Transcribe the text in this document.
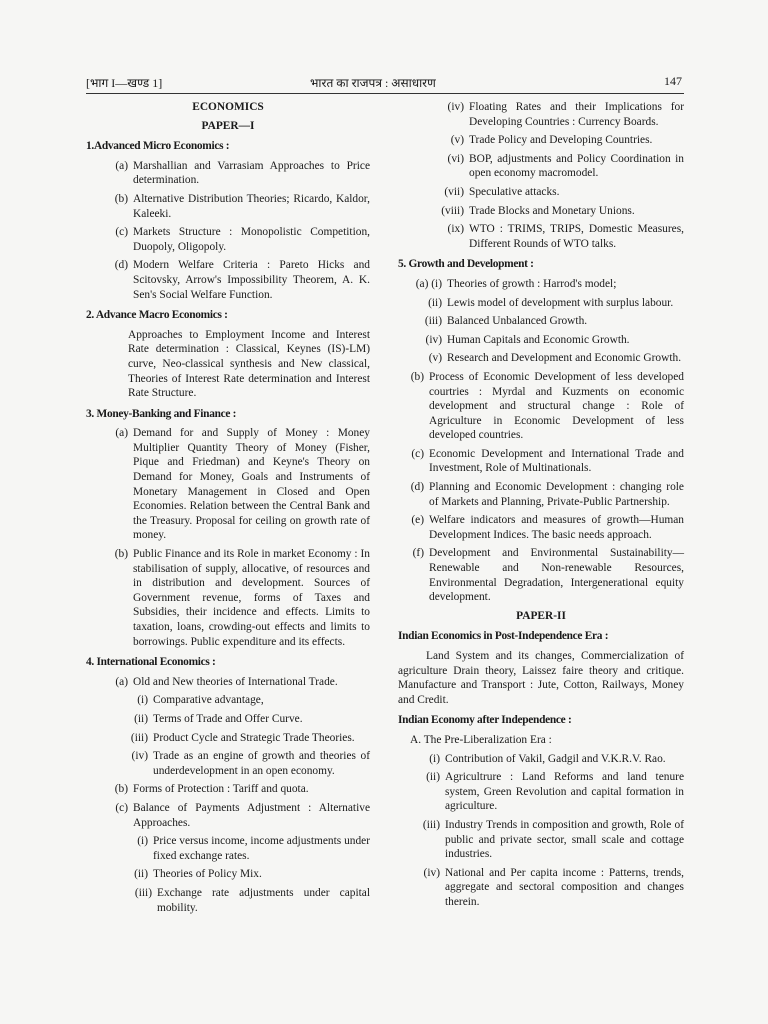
[भाग I—खण्ड 1]	भारत का राजपत्र : असाधारण	147
ECONOMICS
PAPER—I
1.Advanced Micro Economics :
(a) Marshallian and Varrasiam Approaches to Price determination.
(b) Alternative Distribution Theories; Ricardo, Kaldor, Kaleeki.
(c) Markets Structure : Monopolistic Competition, Duopoly, Oligopoly.
(d) Modern Welfare Criteria : Pareto Hicks and Scitovsky, Arrow's Impossibility Theorem, A. K. Sen's Social Welfare Function.
2. Advance Macro Economics :
Approaches to Employment Income and Interest Rate determination : Classical, Keynes (IS)-LM) curve, Neo-classical synthesis and New classical, Theories of Interest Rate determination and Interest Rate Structure.
3. Money-Banking and Finance :
(a) Demand for and Supply of Money : Money Multiplier Quantity Theory of Money (Fisher, Pique and Friedman) and Keyne's Theory on Demand for Money, Goals and Instruments of Monetary Management in Closed and Open Economies. Relation between the Central Bank and the Treasury. Proposal for ceiling on growth rate of money.
(b) Public Finance and its Role in market Economy : In stabilisation of supply, allocative, of resources and in distribution and development. Sources of Government revenue, forms of Taxes and Subsidies, their incidence and effects. Limits to taxation, loans, crowding-out effects and limits to borrowings. Public expenditure and its effects.
4. International Economics :
(a) Old and New theories of International Trade.
(i) Comparative advantage,
(ii) Terms of Trade and Offer Curve.
(iii) Product Cycle and Strategic Trade Theories.
(iv) Trade as an engine of growth and theories of underdevelopment in an open economy.
(b) Forms of Protection : Tariff and quota.
(c) Balance of Payments Adjustment : Alternative Approaches.
(i) Price versus income, income adjustments under fixed exchange rates.
(ii) Theories of Policy Mix.
(iii) Exchange rate adjustments under capital mobility.
(iv) Floating Rates and their Implications for Developing Countries : Currency Boards.
(v) Trade Policy and Developing Countries.
(vi) BOP, adjustments and Policy Coordination in open economy macromodel.
(vii) Speculative attacks.
(viii) Trade Blocks and Monetary Unions.
(ix) WTO : TRIMS, TRIPS, Domestic Measures, Different Rounds of WTO talks.
5. Growth and Development :
(a) (i) Theories of growth : Harrod's model;
(ii) Lewis model of development with surplus labour.
(iii) Balanced Unbalanced Growth.
(iv) Human Capitals and Economic Growth.
(v) Research and Development and Economic Growth.
(b) Process of Economic Development of less developed courtries : Myrdal and Kuzments on economic development and structural change : Role of Agriculture in Economic Development of less developed countries.
(c) Economic Development and International Trade and Investment, Role of Multinationals.
(d) Planning and Economic Development : changing role of Markets and Planning, Private-Public Partnership.
(e) Welfare indicators and measures of growth—Human Development Indices. The basic needs approach.
(f) Development and Environmental Sustainability—Renewable and Non-renewable Resources, Environmental Degradation, Intergenerational equity development.
PAPER-II
Indian Economics in Post-Independence Era :
Land System and its changes, Commercialization of agriculture Drain theory, Laissez faire theory and critique. Manufacture and Transport : Jute, Cotton, Railways, Money and Credit.
Indian Economy after Independence :
A. The Pre-Liberalization Era :
(i) Contribution of Vakil, Gadgil and V.K.R.V. Rao.
(ii) Agricultrure : Land Reforms and land tenure system, Green Revolution and capital formation in agriculture.
(iii) Industry Trends in composition and growth, Role of public and private sector, small scale and cottage industries.
(iv) National and Per capita income : Patterns, trends, aggregate and sectoral composition and changes therein.
